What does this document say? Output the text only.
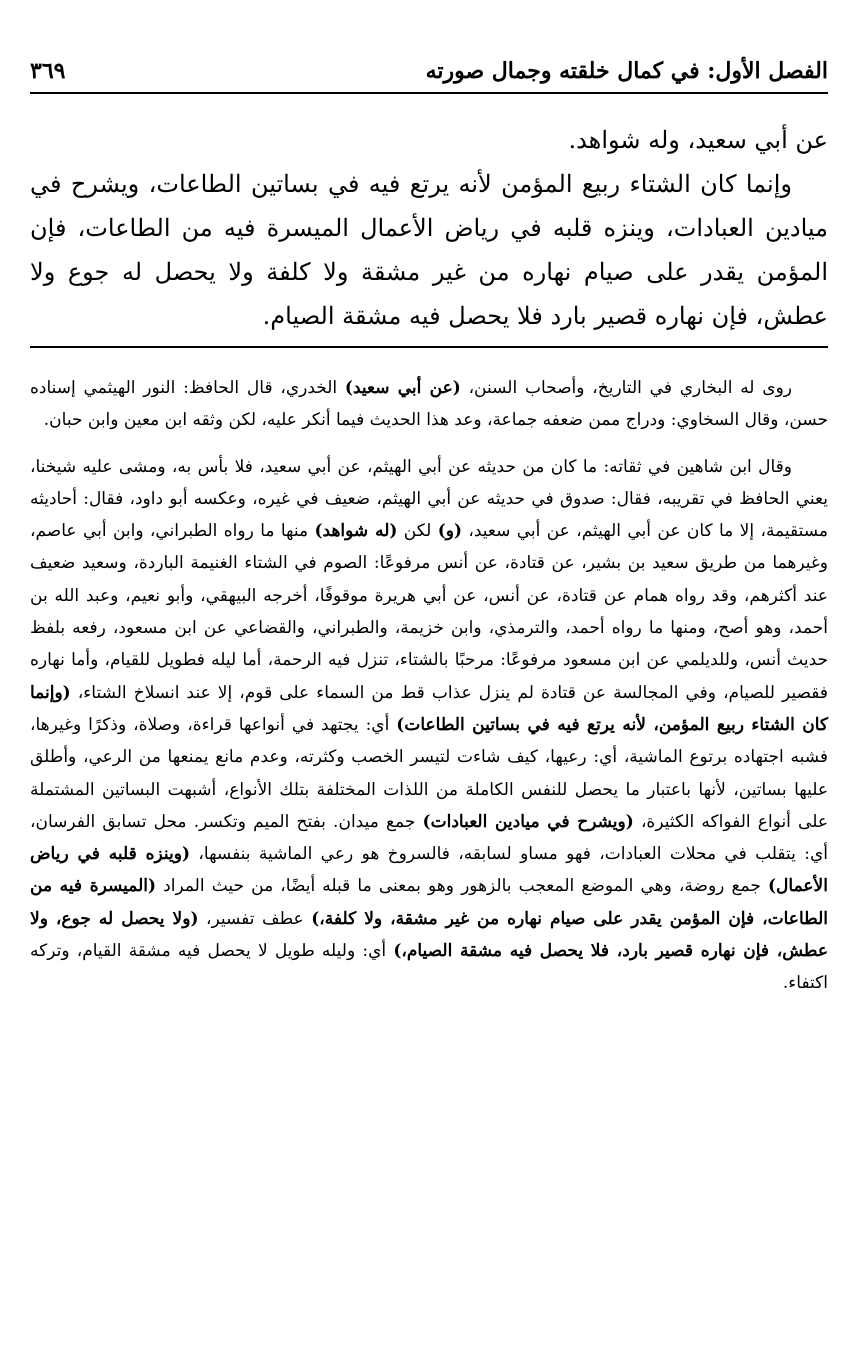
الفصل الأول: في كمال خلقته وجمال صورته
٣٦٩

عن أبي سعيد، وله شواهد.

وإنما كان الشتاء ربيع المؤمن لأنه يرتع فيه في بساتين الطاعات، ويشرح في ميادين العبادات، وينزه قلبه في رياض الأعمال الميسرة فيه من الطاعات، فإن المؤمن يقدر على صيام نهاره من غير مشقة ولا كلفة ولا يحصل له جوع ولا عطش، فإن نهاره قصير بارد فلا يحصل فيه مشقة الصيام.

روى له البخاري في التاريخ، وأصحاب السنن، (عن أبي سعيد) الخدري، قال الحافظ: النور الهيثمي إسناده حسن، وقال السخاوي: ودراج ممن ضعفه جماعة، وعد هذا الحديث فيما أنكر عليه، لكن وثقه ابن معين وابن حبان.

وقال ابن شاهين في ثقاته: ما كان من حديثه عن أبي الهيثم، عن أبي سعيد، فلا بأس به، ومشى عليه شيخنا، يعني الحافظ في تقريبه، فقال: صدوق في حديثه عن أبي الهيثم، ضعيف في غيره، وعكسه أبو داود، فقال: أحاديثه مستقيمة، إلا ما كان عن أبي الهيثم، عن أبي سعيد، (و) لكن (له شواهد) منها ما رواه الطبراني، وابن أبي عاصم، وغيرهما من طريق سعيد بن بشير، عن قتادة، عن أنس مرفوعًا: الصوم في الشتاء الغنيمة الباردة، وسعيد ضعيف عند أكثرهم، وقد رواه همام عن قتادة، عن أنس، عن أبي هريرة موقوفًا، أخرجه البيهقي، وأبو نعيم، وعبد الله بن أحمد، وهو أصح، ومنها ما رواه أحمد، والترمذي، وابن خزيمة، والطبراني، والقضاعي عن ابن مسعود، رفعه بلفظ حديث أنس، وللديلمي عن ابن مسعود مرفوعًا: مرحبًا بالشتاء، تنزل فيه الرحمة، أما ليله فطويل للقيام، وأما نهاره فقصير للصيام، وفي المجالسة عن قتادة لم ينزل عذاب قط من السماء على قوم، إلا عند انسلاخ الشتاء، (وإنما كان الشتاء ربيع المؤمن، لأنه يرتع فيه في بساتين الطاعات) أي: يجتهد في أنواعها قراءة، وصلاة، وذكرًا وغيرها، فشبه اجتهاده برتوع الماشية، أي: رعيها، كيف شاءت لتيسر الخصب وكثرته، وعدم مانع يمنعها من الرعي، وأطلق عليها بساتين، لأنها باعتبار ما يحصل للنفس الكاملة من اللذات المختلفة بتلك الأنواع، أشبهت البساتين المشتملة على أنواع الفواكه الكثيرة، (ويشرح في ميادين العبادات) جمع ميدان. بفتح الميم وتكسر. محل تسابق الفرسان، أي: يتقلب في محلات العبادات، فهو مساو لسابقه، فالسروخ هو رعي الماشية بنفسها، (وينزه قلبه في رياض الأعمال) جمع روضة، وهي الموضع المعجب بالزهور وهو بمعنى ما قبله أيضًا، من حيث المراد (الميسرة فيه من الطاعات، فإن المؤمن يقدر على صيام نهاره من غير مشقة، ولا كلفة،) عطف تفسير، (ولا يحصل له جوع، ولا عطش، فإن نهاره قصير بارد، فلا يحصل فيه مشقة الصيام،) أي: وليله طويل لا يحصل فيه مشقة القيام، وتركه اكتفاء.
